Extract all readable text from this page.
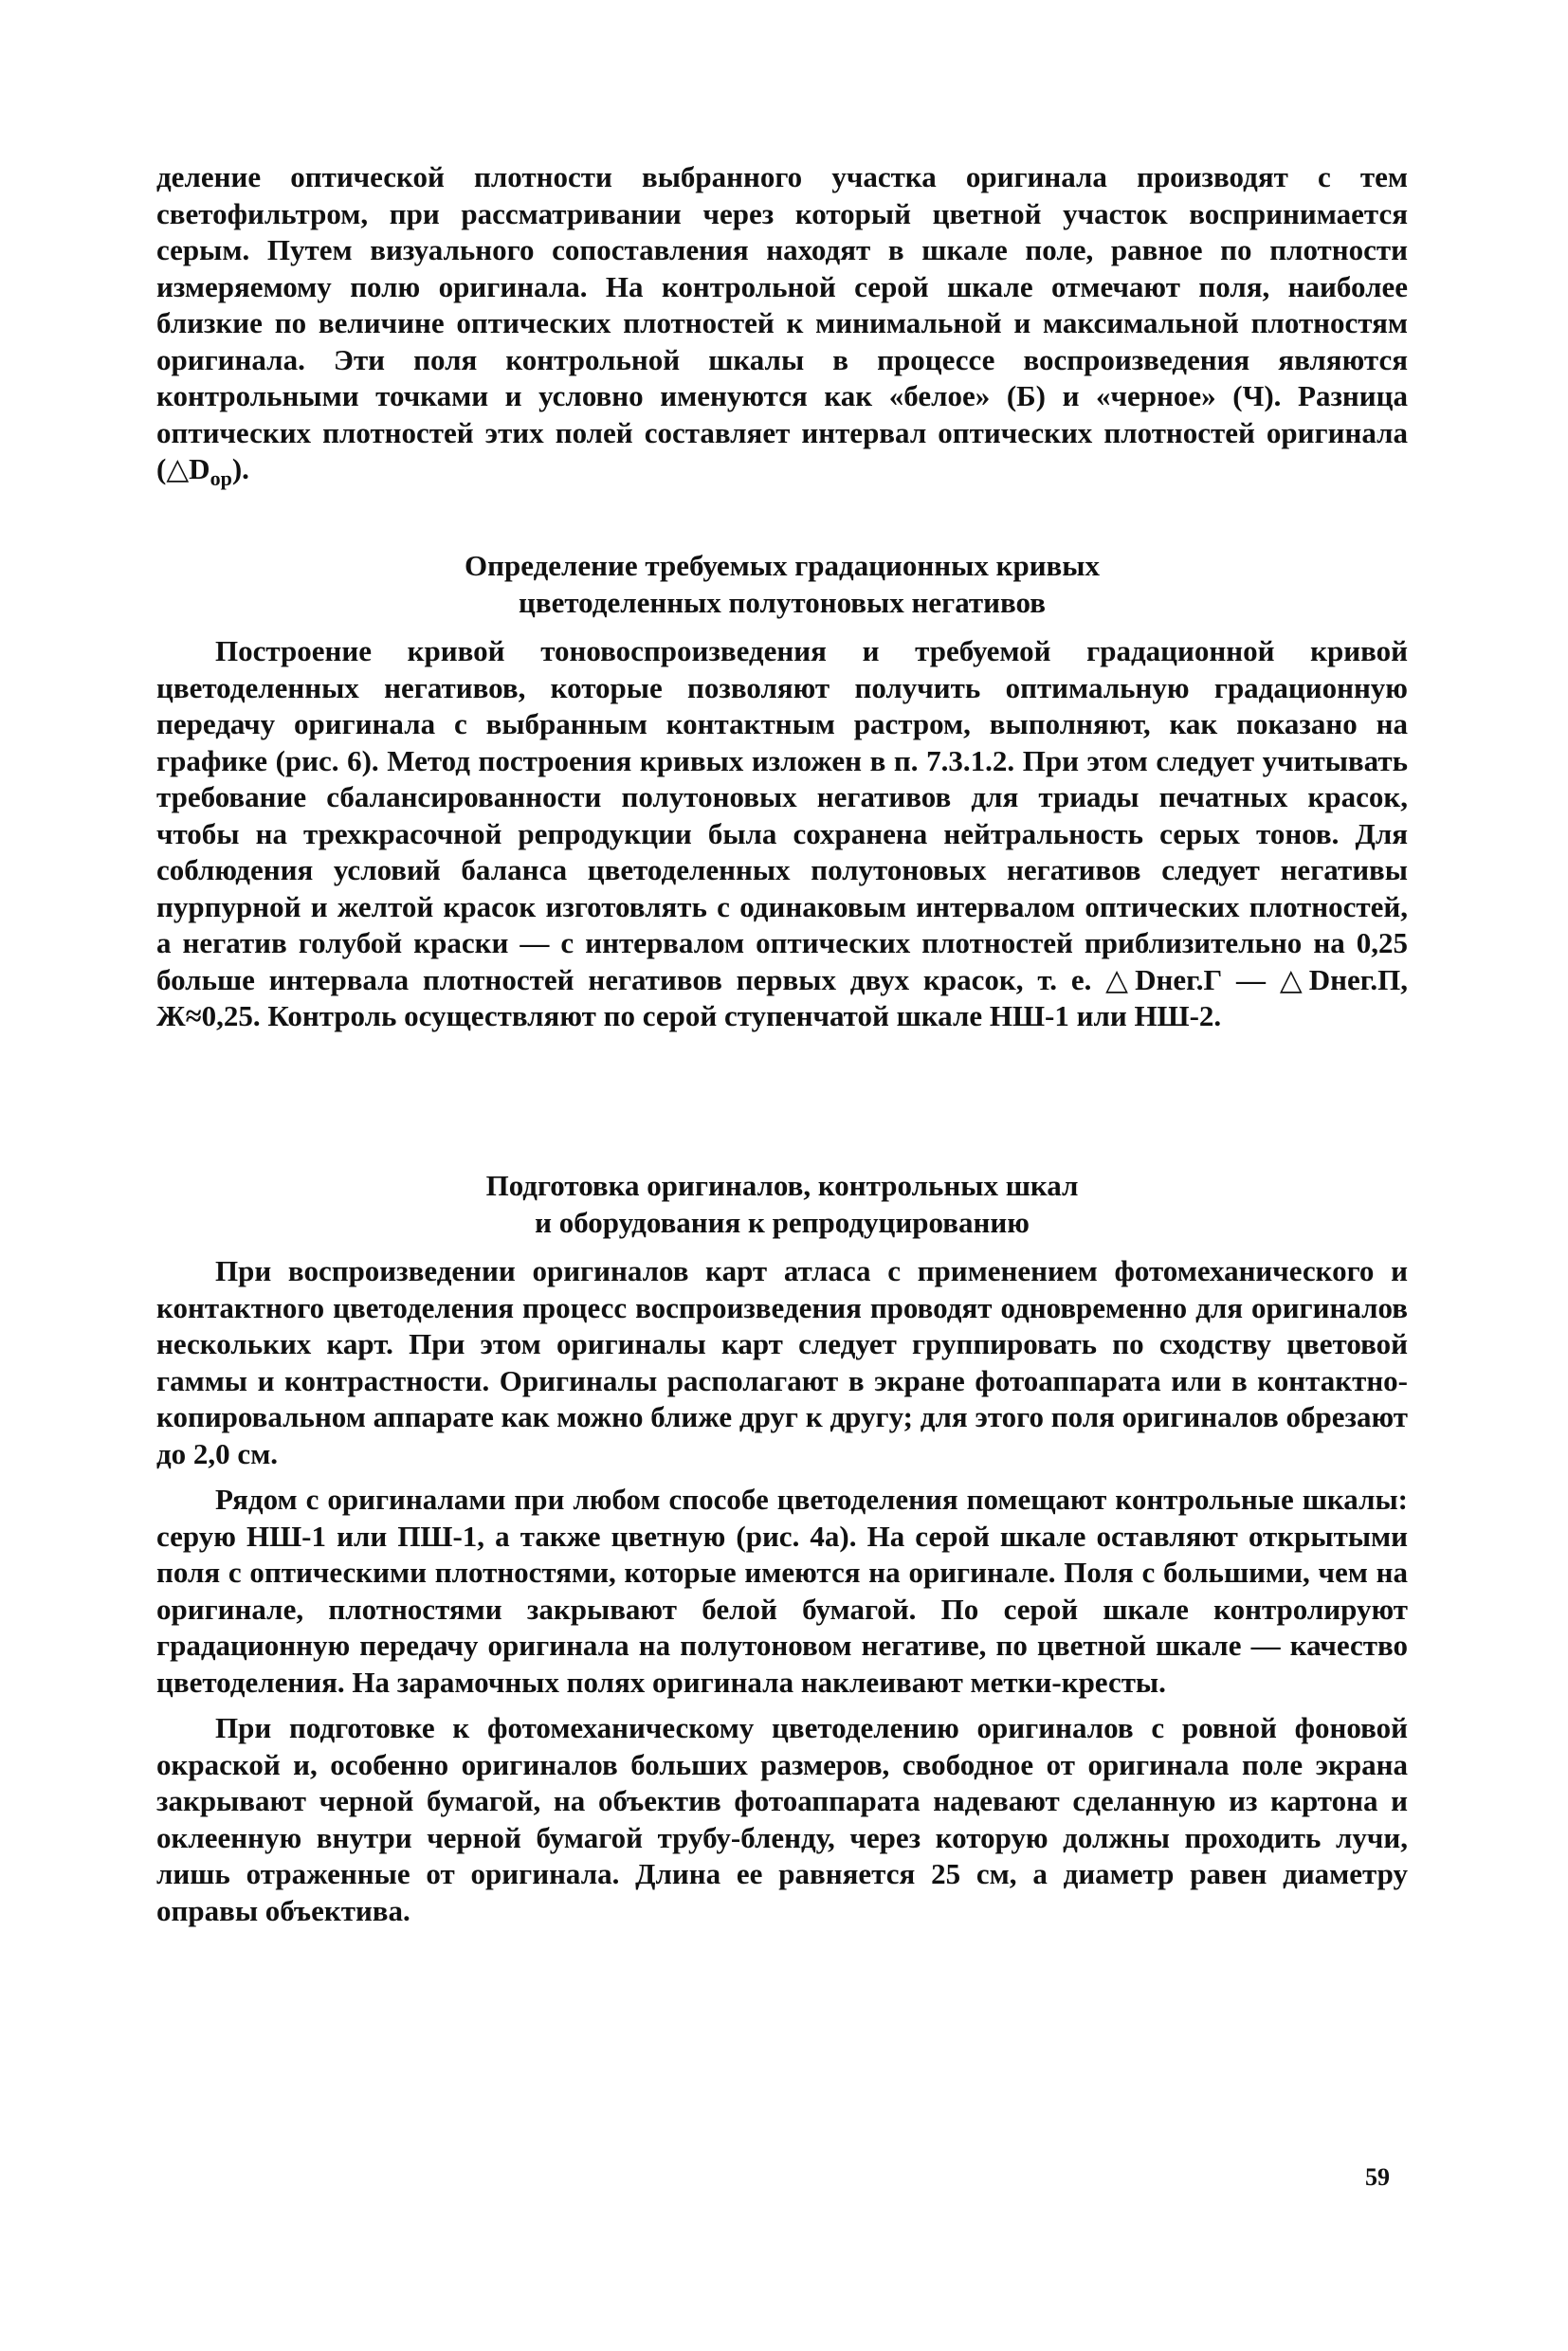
деление оптической плотности выбранного участка оригинала производят с тем светофильтром, при рассматривании через который цветной участок воспринимается серым. Путем визуального сопоставления находят в шкале поле, равное по плотности измеряемому полю оригинала. На контрольной серой шкале отмечают поля, наиболее близкие по величине оптических плотностей к минимальной и максимальной плотностям оригинала. Эти поля контрольной шкалы в процессе воспроизведения являются контрольными точками и условно именуются как «белое» (Б) и «черное» (Ч). Разница оптических плотностей этих полей составляет интервал оптических плотностей оригинала $(\triangle D_{ор})$.

Определение требуемых градационных кривых
цветоделенных полутоновых негативов

Построение кривой тоновоспроизведения и требуемой градационной кривой цветоделенных негативов, которые позволяют получить оптимальную градационную передачу оригинала с выбранным контактным растром, выполняют, как показано на графике (рис. 6). Метод построения кривых изложен в п. 7.3.1.2. При этом следует учитывать требование сбалансированности полутоновых негативов для триады печатных красок, чтобы на трехкрасочной репродукции была сохранена нейтральность серых тонов. Для соблюдения условий баланса цветоделенных полутоновых негативов следует негативы пурпурной и желтой красок изготовлять с одинаковым интервалом оптических плотностей, а негатив голубой краски — с интервалом оптических плотностей приблизительно на 0,25 больше интервала плотностей негативов первых двух красок, т. е. △Dнег.Г — △Dнег.П, Ж≈0,25. Контроль осуществляют по серой ступенчатой шкале НШ-1 или НШ-2.

Подготовка оригиналов, контрольных шкал
и оборудования к репродуцированию

При воспроизведении оригиналов карт атласа с применением фотомеханического и контактного цветоделения процесс воспроизведения проводят одновременно для оригиналов нескольких карт. При этом оригиналы карт следует группировать по сходству цветовой гаммы и контрастности. Оригиналы располагают в экране фотоаппарата или в контактно-копировальном аппарате как можно ближе друг к другу; для этого поля оригиналов обрезают до 2,0 см.

Рядом с оригиналами при любом способе цветоделения помещают контрольные шкалы: серую НШ-1 или ПШ-1, а также цветную (рис. 4а). На серой шкале оставляют открытыми поля с оптическими плотностями, которые имеются на оригинале. Поля с большими, чем на оригинале, плотностями закрывают белой бумагой. По серой шкале контролируют градационную передачу оригинала на полутоновом негативе, по цветной шкале — качество цветоделения. На зарамочных полях оригинала наклеивают метки-кресты.

При подготовке к фотомеханическому цветоделению оригиналов с ровной фоновой окраской и, особенно оригиналов больших размеров, свободное от оригинала поле экрана закрывают черной бумагой, на объектив фотоаппарата надевают сделанную из картона и оклеенную внутри черной бумагой трубу-бленду, через которую должны проходить лучи, лишь отраженные от оригинала. Длина ее равняется 25 см, а диаметр равен диаметру оправы объектива.

59
